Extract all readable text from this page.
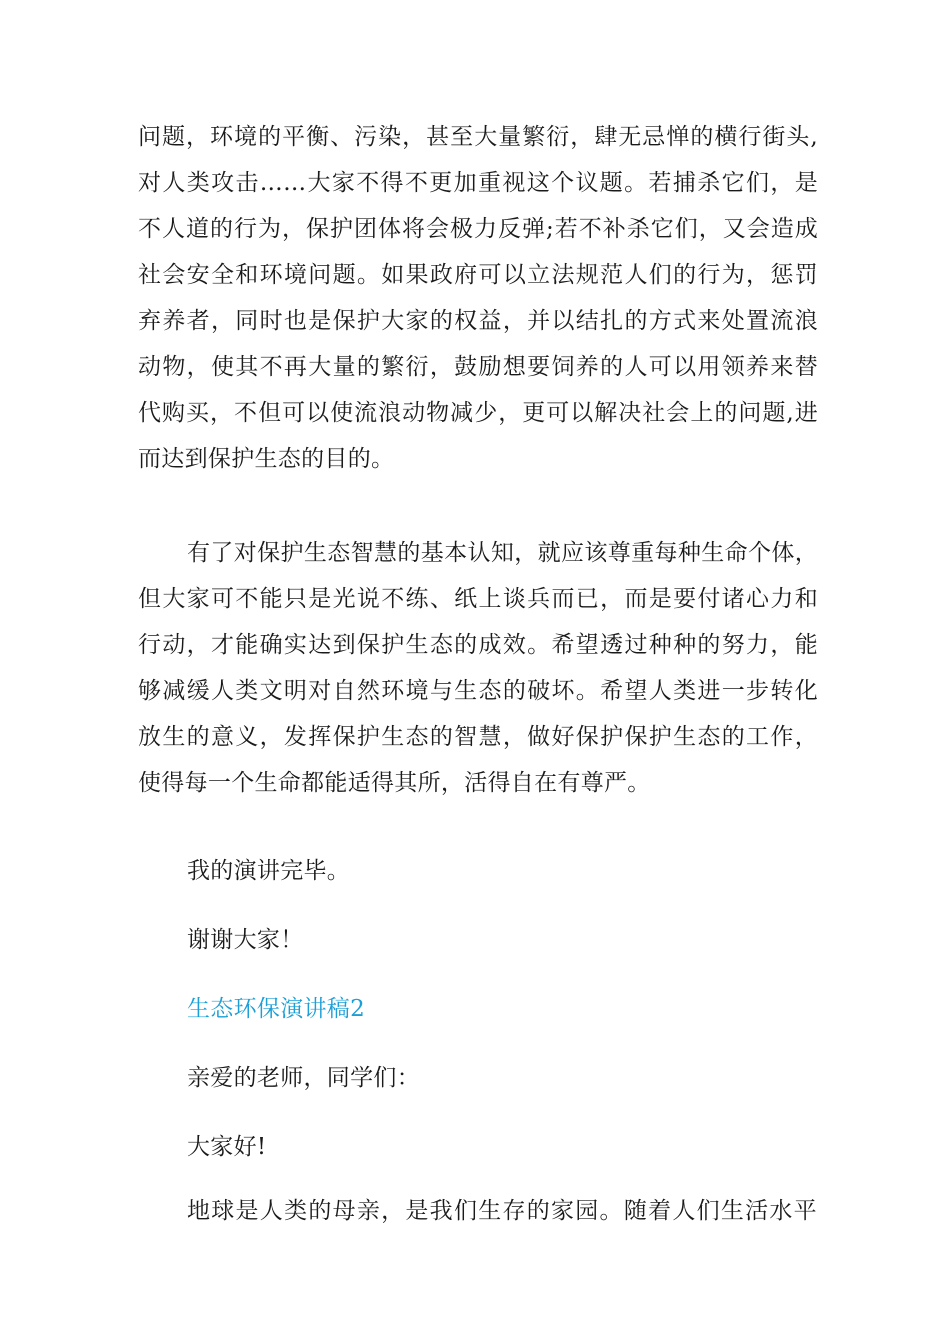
问题，环境的平衡、污染，甚至大量繁衍，肆无忌惮的横行街头,
对人类攻击……大家不得不更加重视这个议题。若捕杀它们，是
不人道的行为，保护团体将会极力反弹;若不补杀它们，又会造成
社会安全和环境问题。如果政府可以立法规范人们的行为，惩罚
弃养者，同时也是保护大家的权益，并以结扎的方式来处置流浪
动物，使其不再大量的繁衍，鼓励想要饲养的人可以用领养来替
代购买，不但可以使流浪动物减少，更可以解决社会上的问题,进
而达到保护生态的目的。
有了对保护生态智慧的基本认知，就应该尊重每种生命个体，
但大家可不能只是光说不练、纸上谈兵而已，而是要付诸心力和
行动，才能确实达到保护生态的成效。希望透过种种的努力，能
够减缓人类文明对自然环境与生态的破坏。希望人类进一步转化
放生的意义，发挥保护生态的智慧，做好保护保护生态的工作，
使得每一个生命都能适得其所，活得自在有尊严。
我的演讲完毕。
谢谢大家！
生态环保演讲稿2
亲爱的老师，同学们：
大家好!
地球是人类的母亲，是我们生存的家园。随着人们生活水平
